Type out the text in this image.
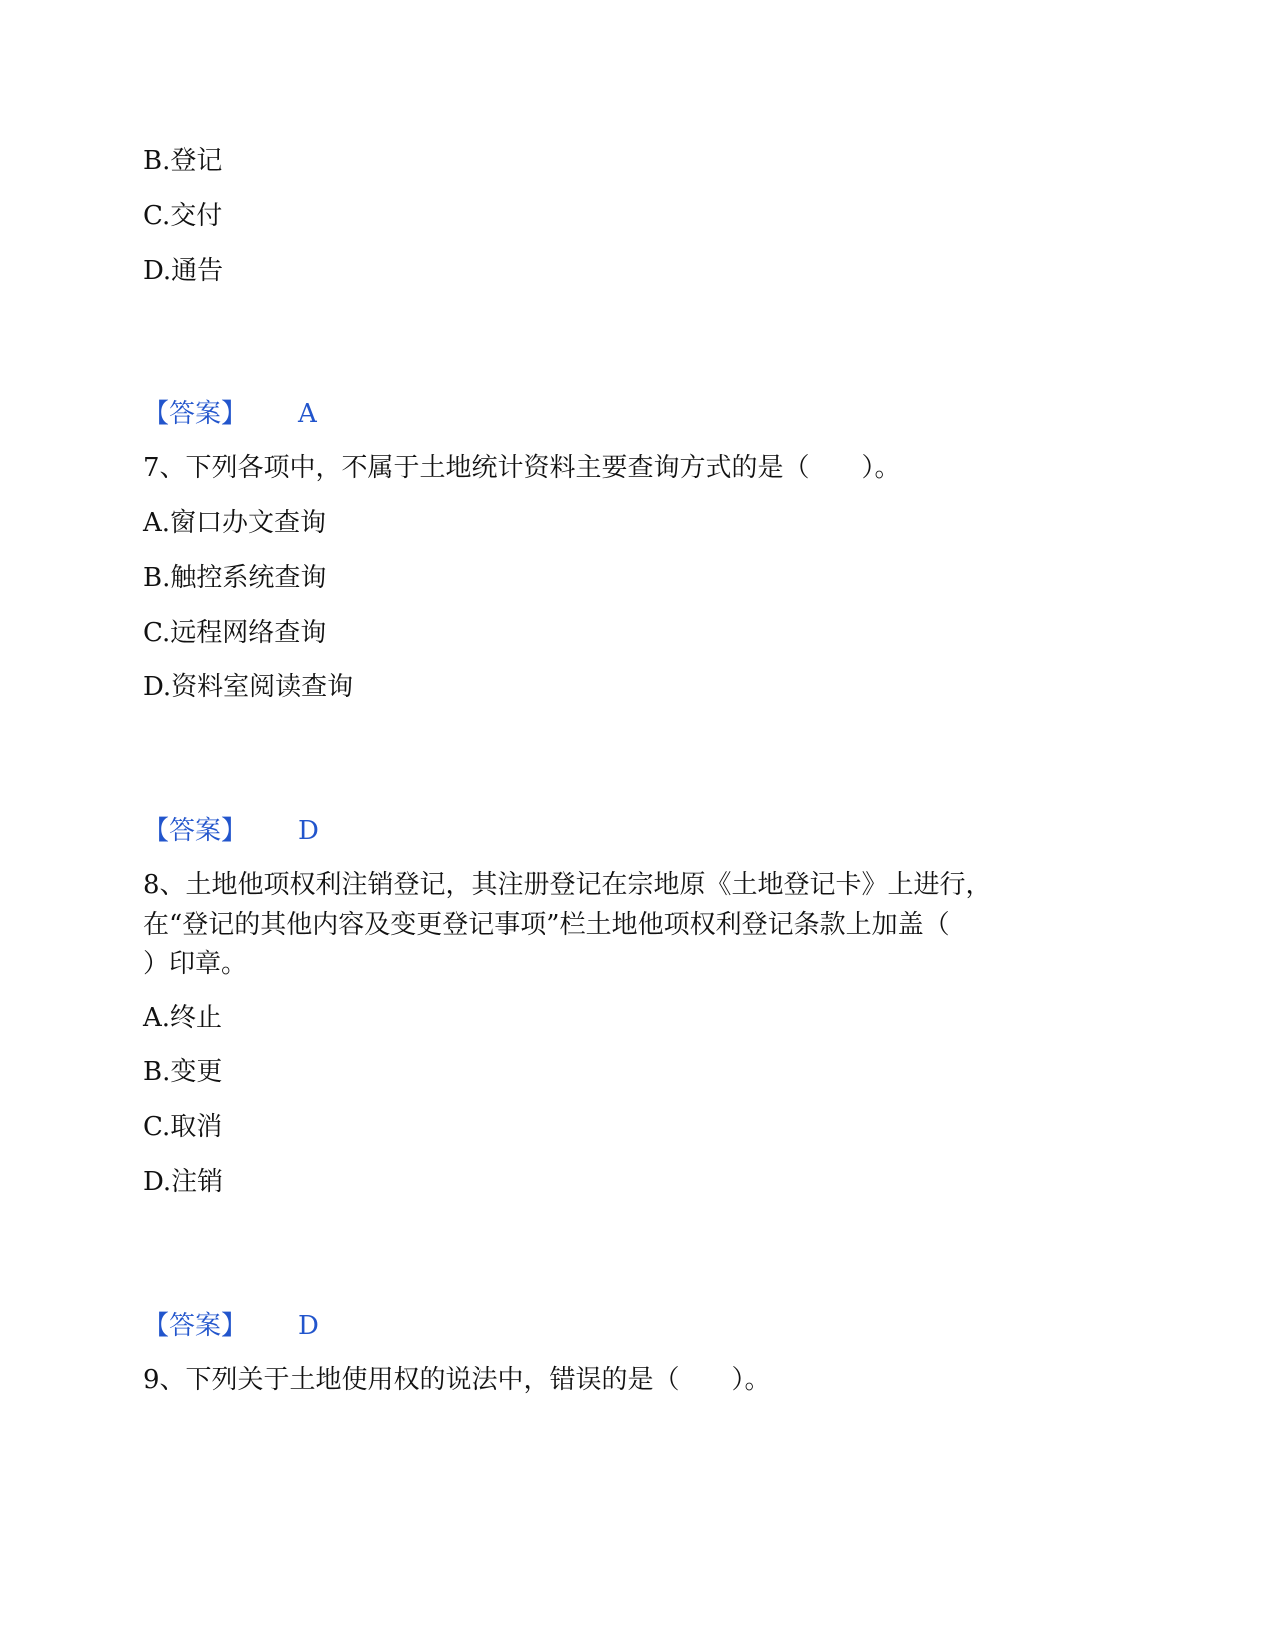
B.登记
C.交付
D.通告
【答案】 A
7、下列各项中，不属于土地统计资料主要查询方式的是（　　）。
A.窗口办文查询
B.触控系统查询
C.远程网络查询
D.资料室阅读查询
【答案】 D
8、土地他项权利注销登记，其注册登记在宗地原《土地登记卡》上进行，
在“登记的其他内容及变更登记事项”栏土地他项权利登记条款上加盖（
）印章。
A.终止
B.变更
C.取消
D.注销
【答案】 D
9、下列关于土地使用权的说法中，错误的是（　　）。
